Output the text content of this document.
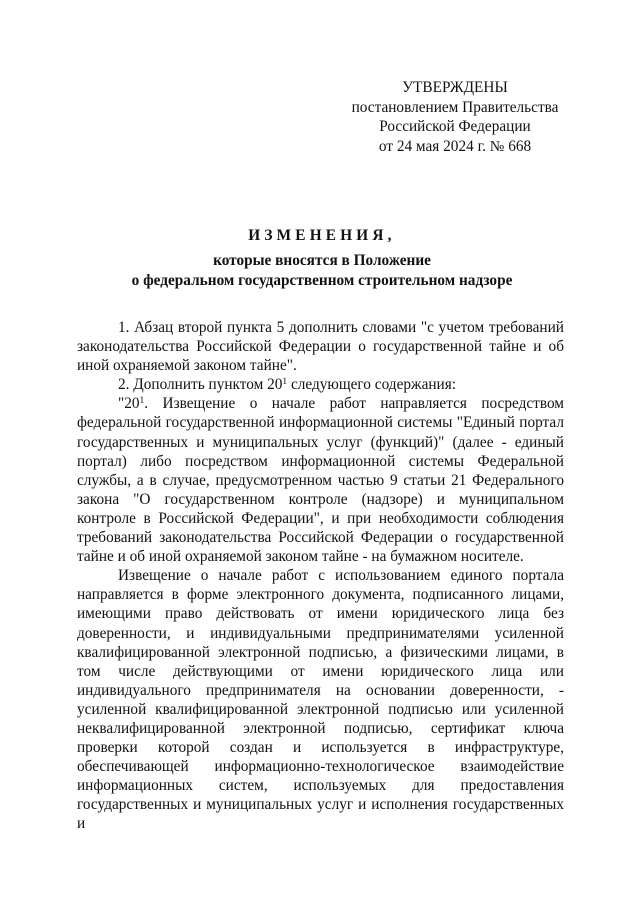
УТВЕРЖДЕНЫ
постановлением Правительства
Российской Федерации
от 24 мая 2024 г. № 668
ИЗМЕНЕНИЯ,
которые вносятся в Положение
о федеральном государственном строительном надзоре

1. Абзац второй пункта 5 дополнить словами "с учетом требований законодательства Российской Федерации о государственной тайне и об иной охраняемой законом тайне".

2. Дополнить пунктом $20^1$ следующего содержания:

"$20^1$. Извещение о начале работ направляется посредством федеральной государственной информационной системы "Единый портал государственных и муниципальных услуг (функций)" (далее - единый портал) либо посредством информационной системы Федеральной службы, а в случае, предусмотренном частью 9 статьи 21 Федерального закона "О государственном контроле (надзоре) и муниципальном контроле в Российской Федерации", и при необходимости соблюдения требований законодательства Российской Федерации о государственной тайне и об иной охраняемой законом тайне - на бумажном носителе.

Извещение о начале работ с использованием единого портала направляется в форме электронного документа, подписанного лицами, имеющими право действовать от имени юридического лица без доверенности, и индивидуальными предпринимателями усиленной квалифицированной электронной подписью, а физическими лицами, в том числе действующими от имени юридического лица или индивидуального предпринимателя на основании доверенности, - усиленной квалифицированной электронной подписью или усиленной неквалифицированной электронной подписью, сертификат ключа проверки которой создан и используется в инфраструктуре, обеспечивающей информационно-технологическое взаимодействие информационных систем, используемых для предоставления государственных и муниципальных услуг и исполнения государственных и
